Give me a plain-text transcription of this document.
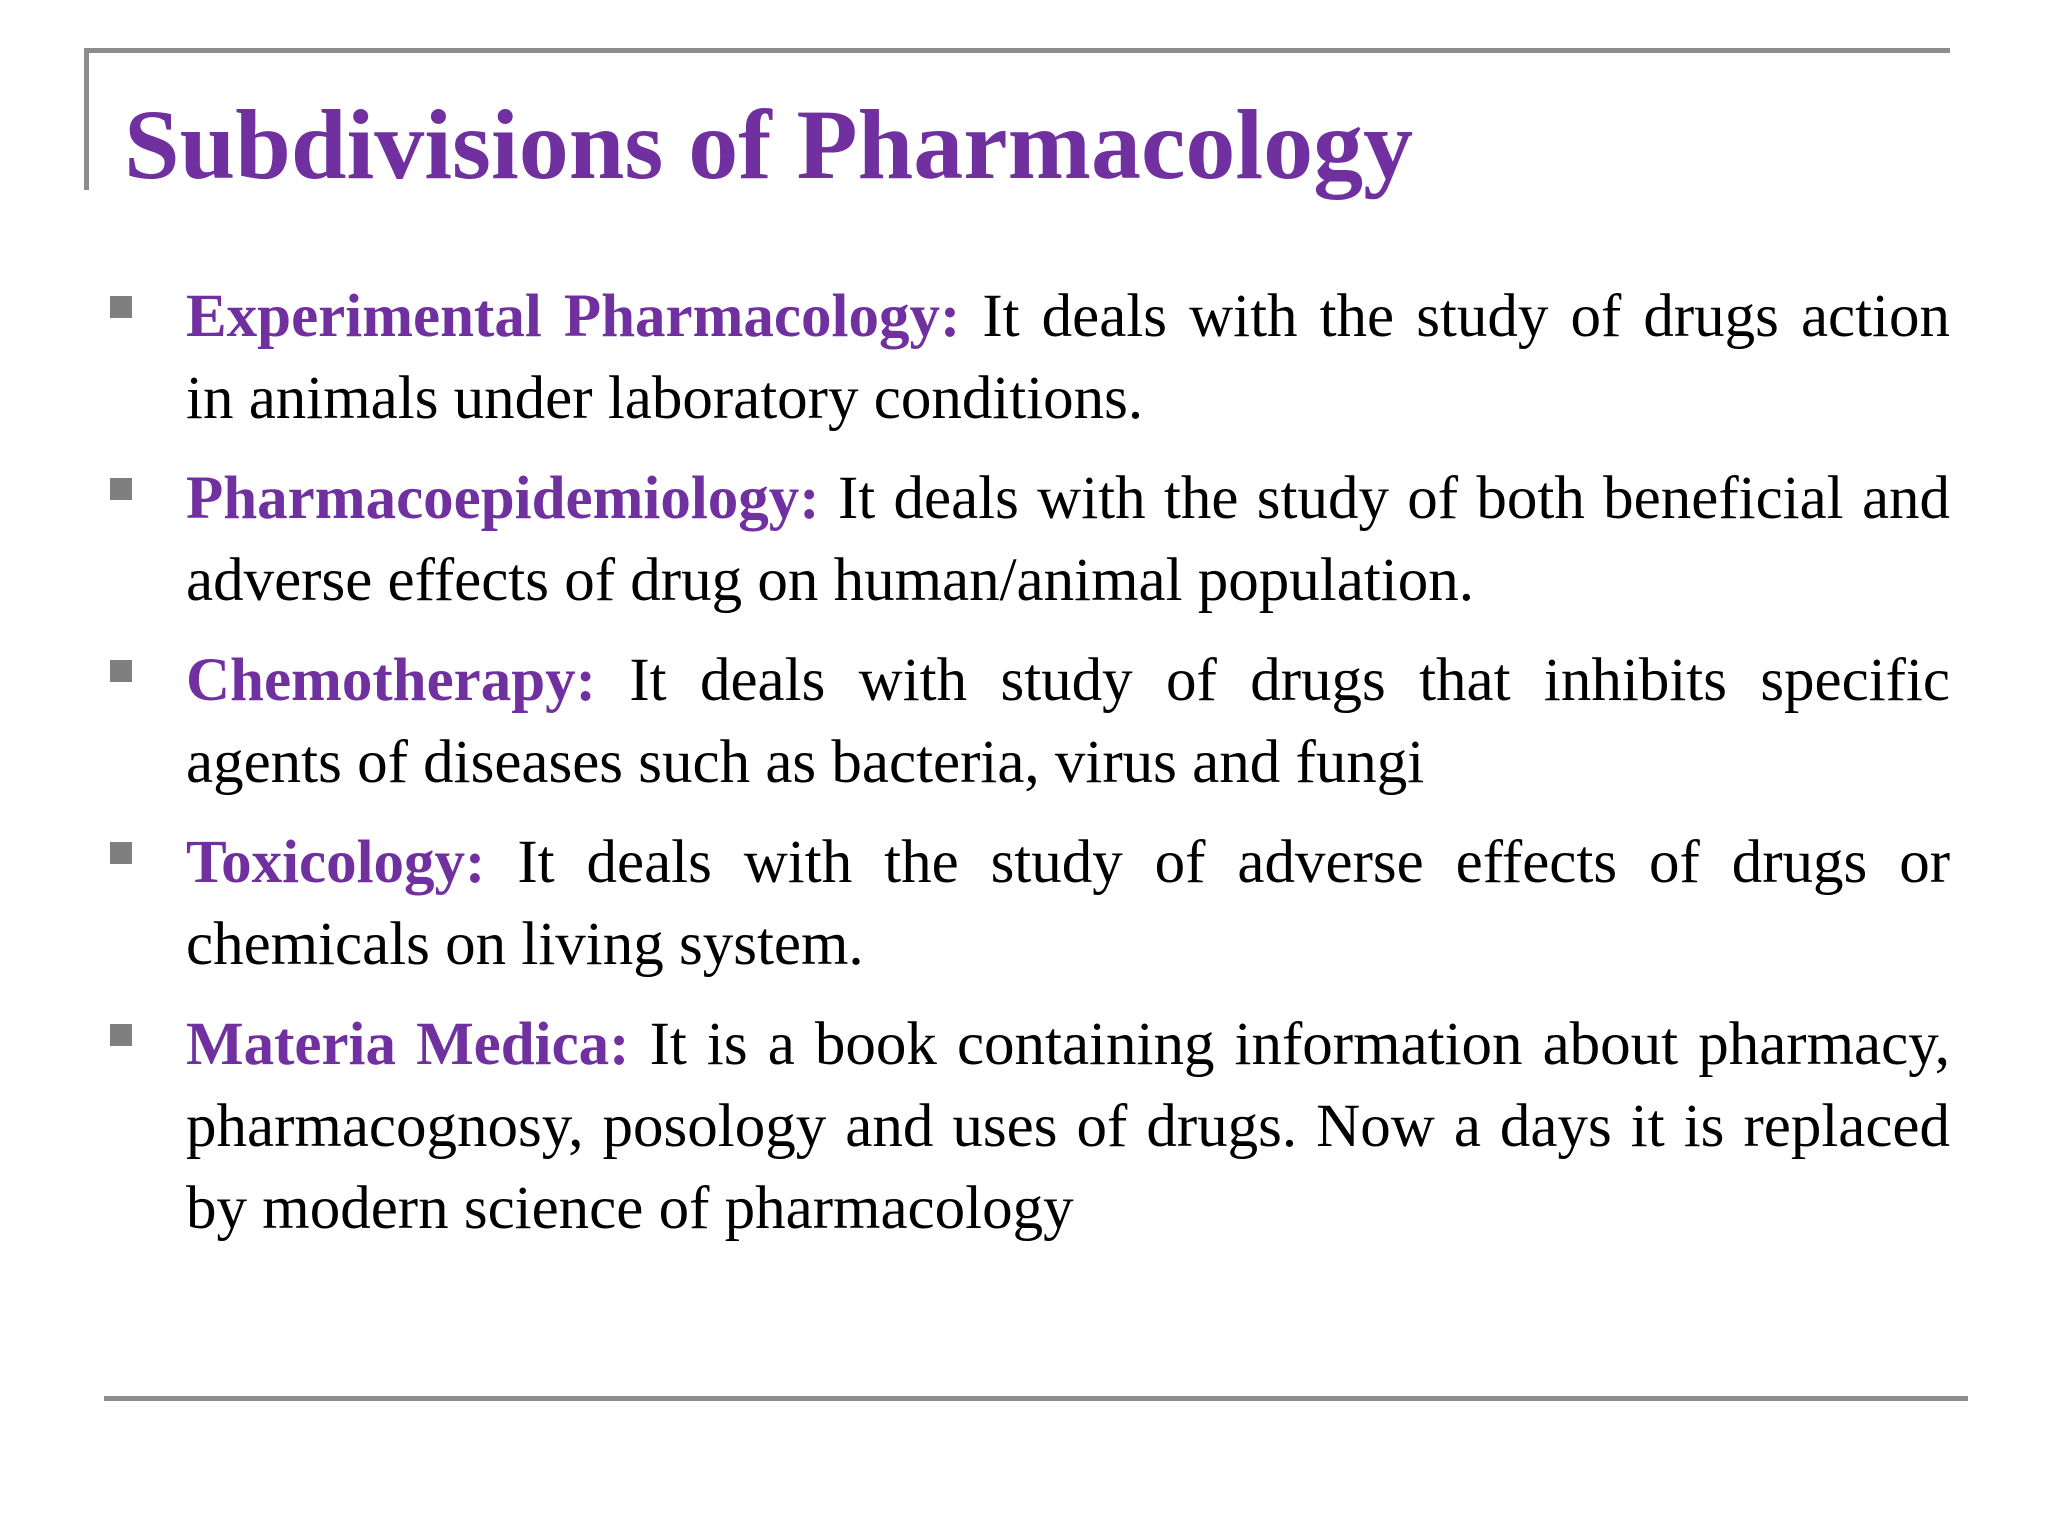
Subdivisions of Pharmacology
Experimental Pharmacology: It deals with the study of drugs action in animals under laboratory conditions.
Pharmacoepidemiology: It deals with the study of both beneficial and adverse effects of drug on human/animal population.
Chemotherapy: It deals with study of drugs that inhibits specific agents of diseases such as bacteria, virus and fungi
Toxicology: It deals with the study of adverse effects of drugs or chemicals on living system.
Materia Medica: It is a book containing information about pharmacy, pharmacognosy, posology and uses of drugs. Now a days it is replaced by modern science of pharmacology
